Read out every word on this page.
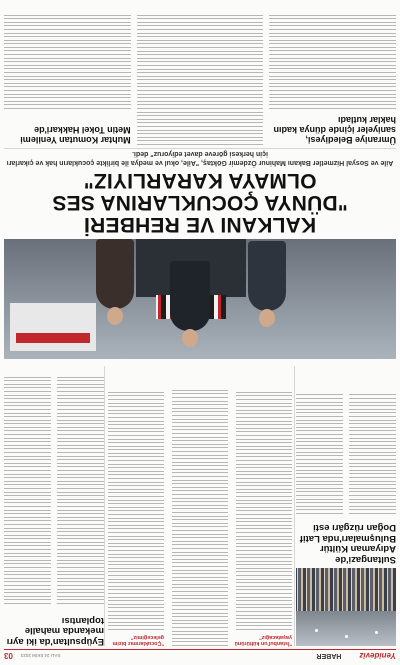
Yenideviz
HABER
SALI 24 EKİM 2023
03
Sultangazi'de Adıyaman Kültür Buluşmaları'nda Latif Doğan rüzgârı esti
"İstanbul'un kültürünü yaşatacağız"
"Çocuklarımız bizim geleceğimiz"
Eyüpsultan'da iki ayrı mekanda mahalle toplantısı
KALKANI VE REHBERİ
"DÜNYA ÇOCUKLARINA SES OLMAYA KARARLIYIZ"
Aile ve Sosyal Hizmetler Bakanı Mahinur Özdemir Göktaş, "Aile, okul ve medya ile birlikte çocukların hak ve çıkarları için herkesi göreve davet ediyoruz" dedi.
Ümraniye Belediyesi, saniyeler içinde dünya kadın haklar kutladı
Muhtar Komutan Yenilemi Metin Tokel Hakkari'de
